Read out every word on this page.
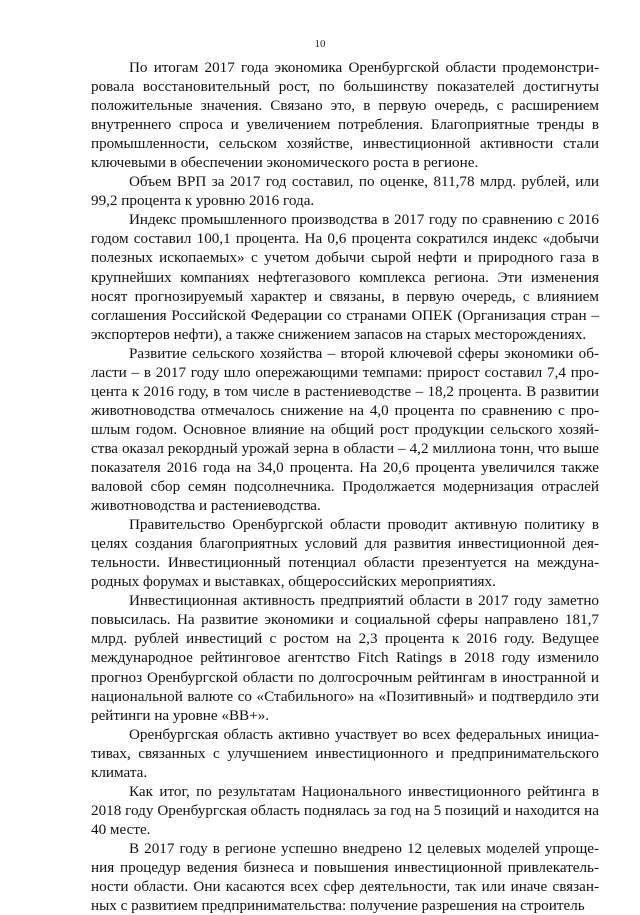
10

По итогам 2017 года экономика Оренбургской области продемонстрировала восстановительный рост, по большинству показателей достигнуты положительные значения. Связано это, в первую очередь, с расширением внутреннего спроса и увеличением потребления. Благоприятные тренды в промышленности, сельском хозяйстве, инвестиционной активности стали ключевыми в обеспечении экономического роста в регионе.

Объем ВРП за 2017 год составил, по оценке, 811,78 млрд. рублей, или 99,2 процента к уровню 2016 года.

Индекс промышленного производства в 2017 году по сравнению с 2016 годом составил 100,1 процента. На 0,6 процента сократился индекс «добычи полезных ископаемых» с учетом добычи сырой нефти и природного газа в крупнейших компаниях нефтегазового комплекса региона. Эти изменения носят прогнозируемый характер и связаны, в первую очередь, с влиянием соглашения Российской Федерации со странами ОПЕК (Организация стран – экспортеров нефти), а также снижением запасов на старых месторождениях.

Развитие сельского хозяйства – второй ключевой сферы экономики области – в 2017 году шло опережающими темпами: прирост составил 7,4 процента к 2016 году, в том числе в растениеводстве – 18,2 процента. В развитии животноводства отмечалось снижение на 4,0 процента по сравнению с прошлым годом. Основное влияние на общий рост продукции сельского хозяйства оказал рекордный урожай зерна в области – 4,2 миллиона тонн, что выше показателя 2016 года на 34,0 процента. На 20,6 процента увеличился также валовой сбор семян подсолнечника. Продолжается модернизация отраслей животноводства и растениеводства.

Правительство Оренбургской области проводит активную политику в целях создания благоприятных условий для развития инвестиционной деятельности. Инвестиционный потенциал области презентуется на международных форумах и выставках, общероссийских мероприятиях.

Инвестиционная активность предприятий области в 2017 году заметно повысилась. На развитие экономики и социальной сферы направлено 181,7 млрд. рублей инвестиций с ростом на 2,3 процента к 2016 году. Ведущее международное рейтинговое агентство Fitch Ratings в 2018 году изменило прогноз Оренбургской области по долгосрочным рейтингам в иностранной и национальной валюте со «Стабильного» на «Позитивный» и подтвердило эти рейтинги на уровне «BB+».

Оренбургская область активно участвует во всех федеральных инициативах, связанных с улучшением инвестиционного и предпринимательского климата.

Как итог, по результатам Национального инвестиционного рейтинга в 2018 году Оренбургская область поднялась за год на 5 позиций и находится на 40 месте.

В 2017 году в регионе успешно внедрено 12 целевых моделей упрощения процедур ведения бизнеса и повышения инвестиционной привлекательности области. Они касаются всех сфер деятельности, так или иначе связанных с развитием предпринимательства: получение разрешения на строитель
